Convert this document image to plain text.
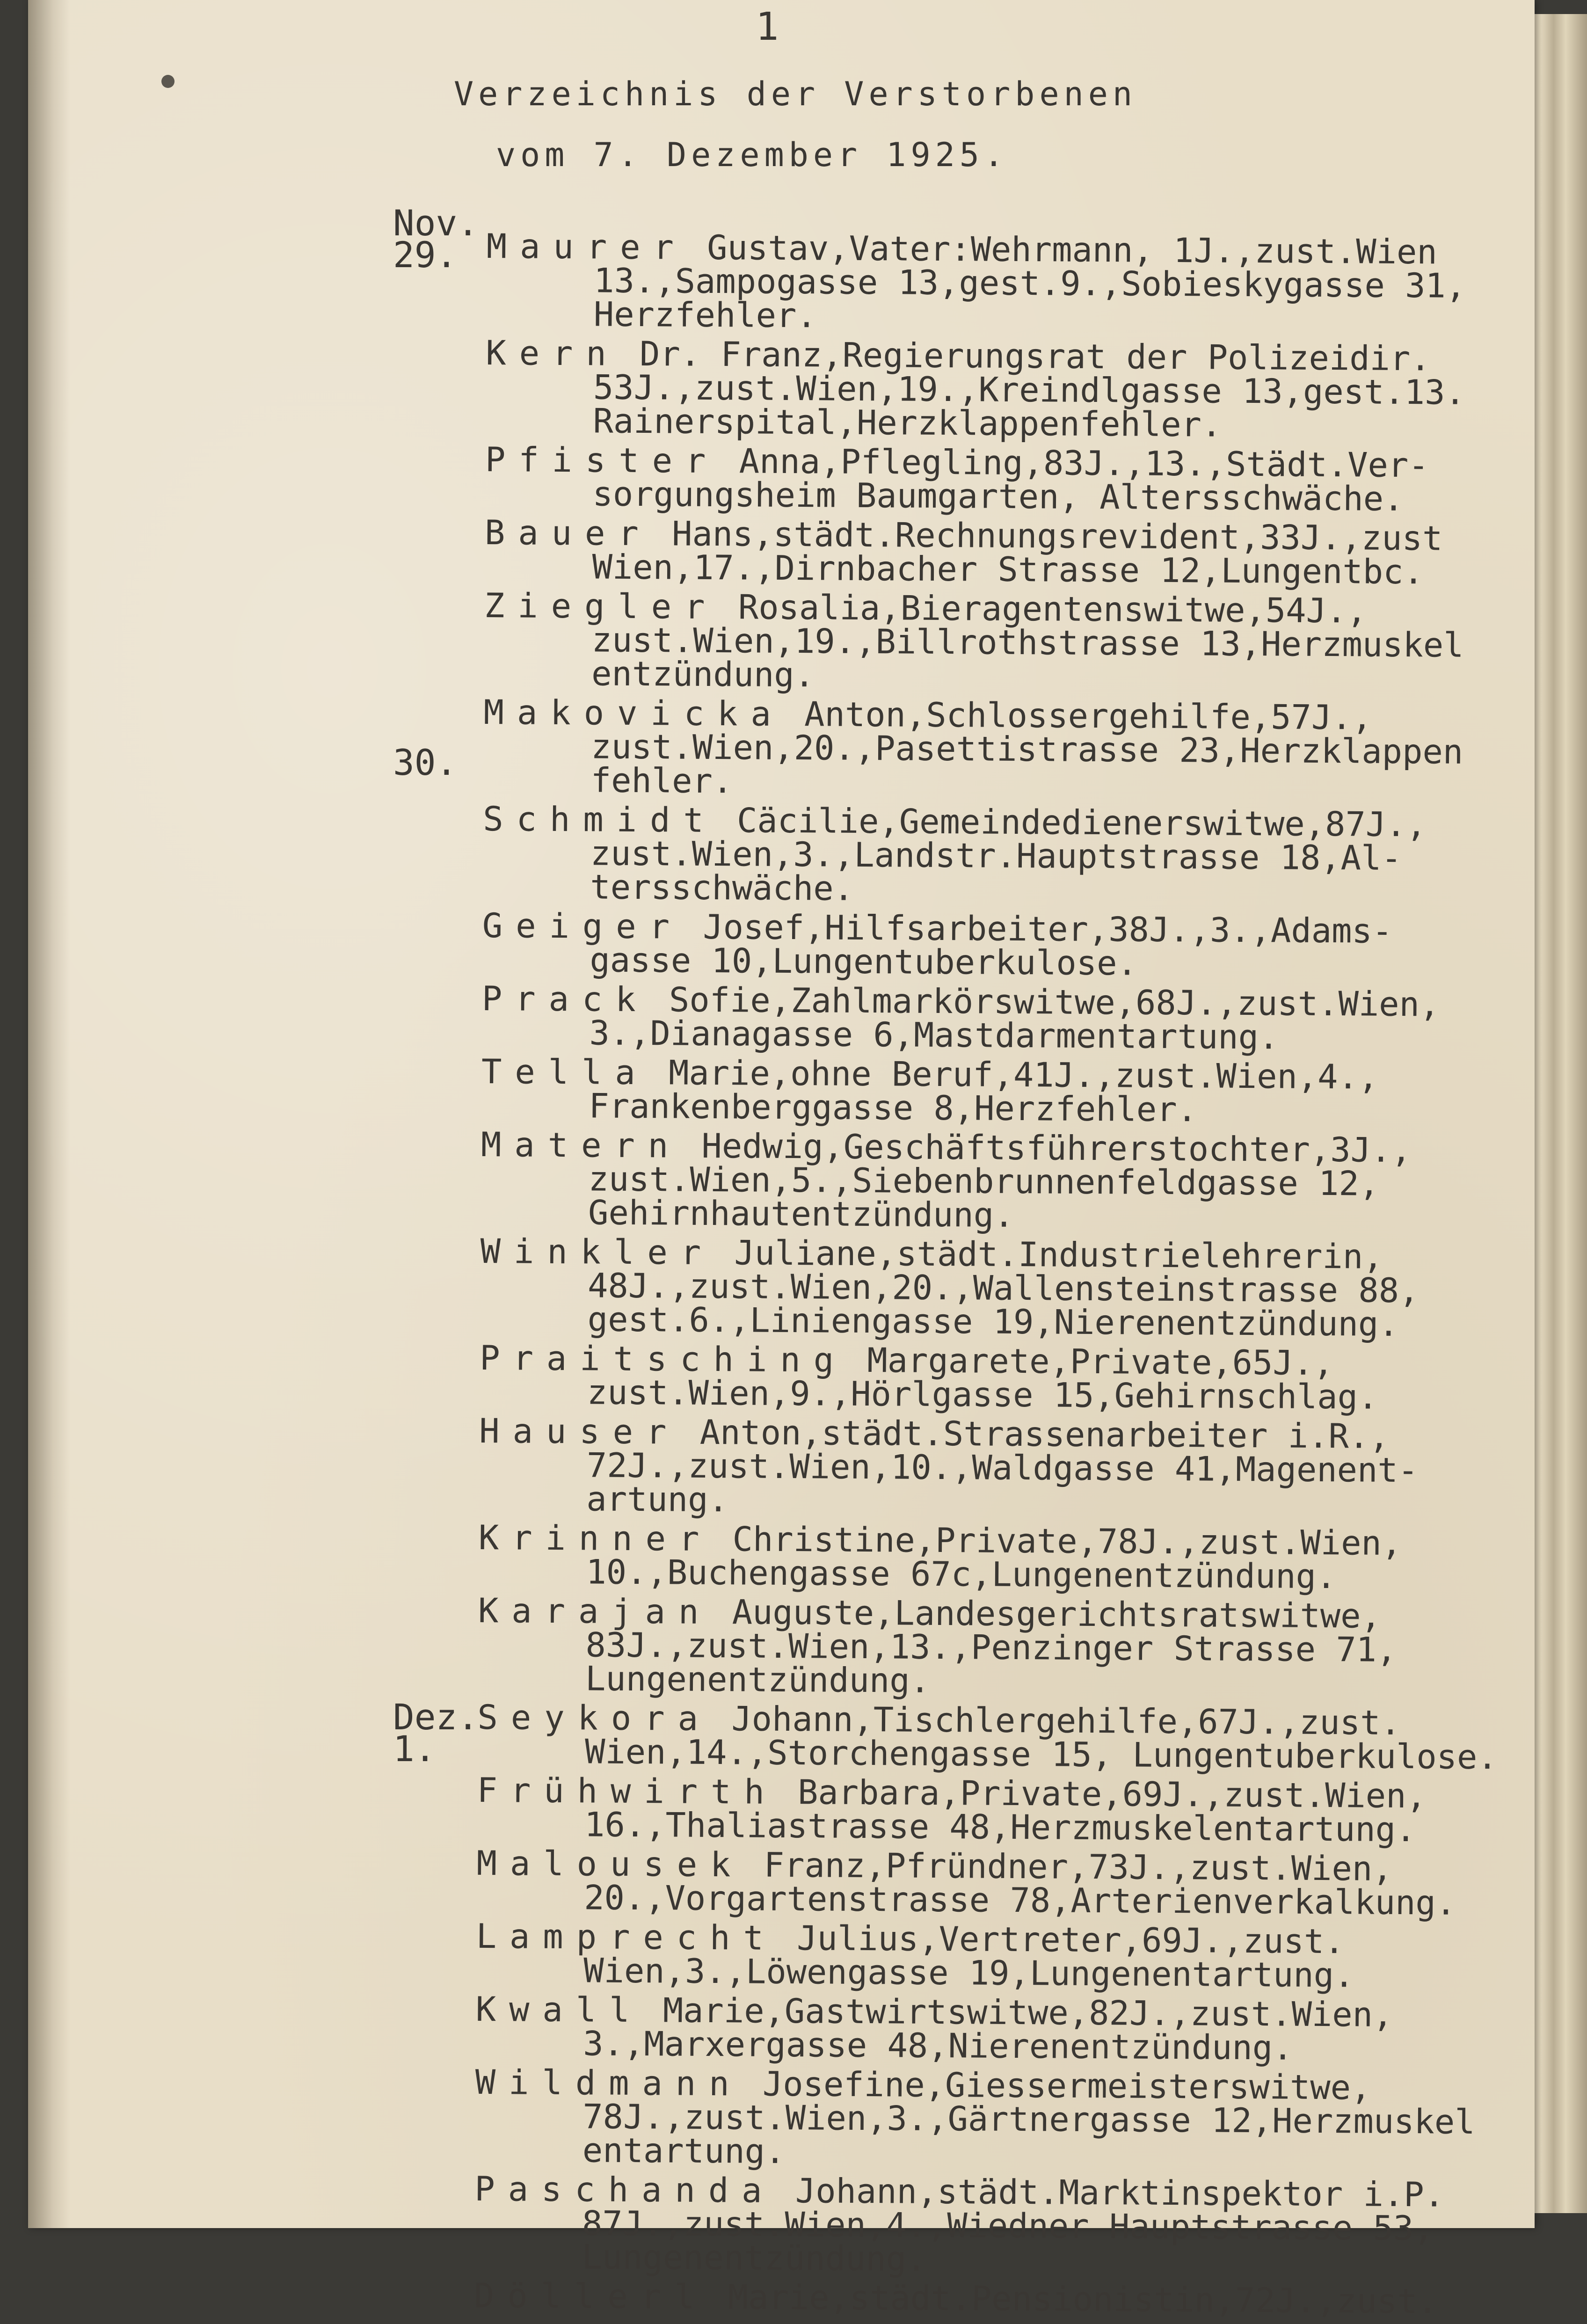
1
Verzeichnis der Verstorbenen
vom 7. Dezember 1925.
Nov.
29.
30.
Dez.
1.
Maurer Gustav,Vater:Wehrmann, 1J.,zust.Wien
13.,Sampogasse 13,gest.9.,Sobieskygasse 31,
Herzfehler.
Kern Dr. Franz,Regierungsrat der Polizeidir.
53J.,zust.Wien,19.,Kreindlgasse 13,gest.13.
Rainerspital,Herzklappenfehler.
Pfister Anna,Pflegling,83J.,13.,Städt.Ver-
sorgungsheim Baumgarten, Altersschwäche.
Bauer Hans,städt.Rechnungsrevident,33J.,zust
Wien,17.,Dirnbacher Strasse 12,Lungentbc.
Ziegler Rosalia,Bieragentenswitwe,54J.,
zust.Wien,19.,Billrothstrasse 13,Herzmuskel
entzündung.
Makovicka Anton,Schlossergehilfe,57J.,
zust.Wien,20.,Pasettistrasse 23,Herzklappen
fehler.
Schmidt Cäcilie,Gemeindedienerswitwe,87J.,
zust.Wien,3.,Landstr.Hauptstrasse 18,Al-
tersschwäche.
Geiger Josef,Hilfsarbeiter,38J.,3.,Adams-
gasse 10,Lungentuberkulose.
Prack Sofie,Zahlmarkörswitwe,68J.,zust.Wien,
3.,Dianagasse 6,Mastdarmentartung.
Tella Marie,ohne Beruf,41J.,zust.Wien,4.,
Frankenberggasse 8,Herzfehler.
Matern Hedwig,Geschäftsführerstochter,3J.,
zust.Wien,5.,Siebenbrunnenfeldgasse 12,
Gehirnhautentzündung.
Winkler Juliane,städt.Industrielehrerin,
48J.,zust.Wien,20.,Wallensteinstrasse 88,
gest.6.,Liniengasse 19,Nierenentzündung.
Praitsching Margarete,Private,65J.,
zust.Wien,9.,Hörlgasse 15,Gehirnschlag.
Hauser Anton,städt.Strassenarbeiter i.R.,
72J.,zust.Wien,10.,Waldgasse 41,Magenent-
artung.
Krinner Christine,Private,78J.,zust.Wien,
10.,Buchengasse 67c,Lungenentzündung.
Karajan Auguste,Landesgerichtsratswitwe,
83J.,zust.Wien,13.,Penzinger Strasse 71,
Lungenentzündung.
Seykora Johann,Tischlergehilfe,67J.,zust.
Wien,14.,Storchengasse 15, Lungentuberkulose.
Frühwirth Barbara,Private,69J.,zust.Wien,
16.,Thaliastrasse 48,Herzmuskelentartung.
Malousek Franz,Pfründner,73J.,zust.Wien,
20.,Vorgartenstrasse 78,Arterienverkalkung.
Lamprecht Julius,Vertreter,69J.,zust.
Wien,3.,Löwengasse 19,Lungenentartung.
Kwall Marie,Gastwirtswitwe,82J.,zust.Wien,
3.,Marxergasse 48,Nierenentzündung.
Wildmann Josefine,Giessermeisterswitwe,
78J.,zust.Wien,3.,Gärtnergasse 12,Herzmuskel
entartung.
Paschanda Johann,städt.Marktinspektor i.P.
87J.,zust.Wien,4.,Wiedner Hauptstrasse 53,
Lungenentzündung.
Döllerl Marie,städt.Pensionistin,72J.,zust.
